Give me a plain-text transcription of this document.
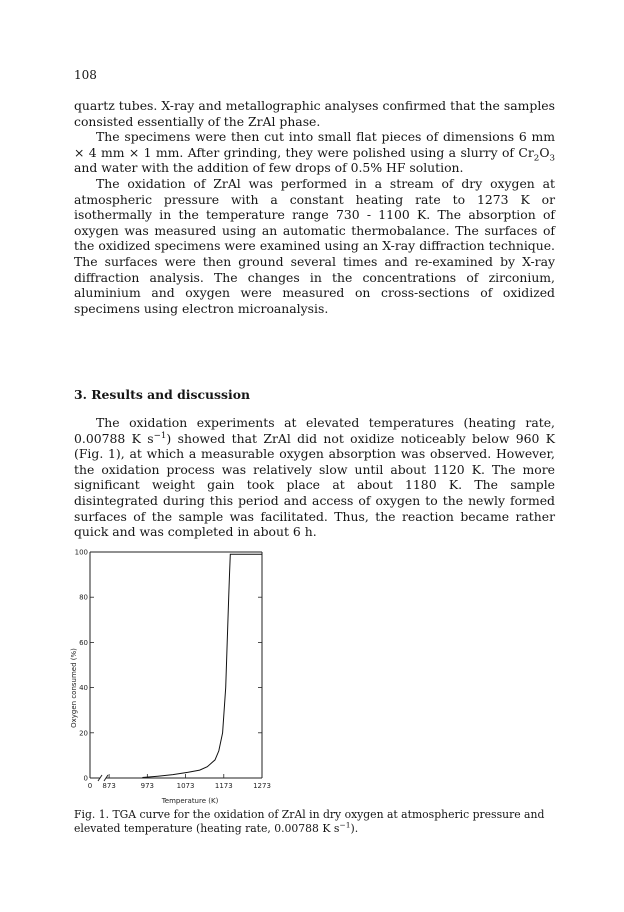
108

quartz tubes. X-ray and metallographic analyses confirmed that the samples consisted essentially of the ZrAl phase.

The specimens were then cut into small flat pieces of dimensions 6 mm × 4 mm × 1 mm. After grinding, they were polished using a slurry of $Cr_2O_3$ and water with the addition of few drops of 0.5% HF solution.

The oxidation of ZrAl was performed in a stream of dry oxygen at atmospheric pressure with a constant heating rate to 1273 K or isothermally in the temperature range 730 - 1100 K. The absorption of oxygen was measured using an automatic thermobalance. The surfaces of the oxidized specimens were examined using an X-ray diffraction technique. The surfaces were then ground several times and re-examined by X-ray diffraction analysis. The changes in the concentrations of zirconium, aluminium and oxygen were measured on cross-sections of oxidized specimens using electron microanalysis.

3. Results and discussion

The oxidation experiments at elevated temperatures (heating rate, 0.00788 K $s^{-1}$) showed that ZrAl did not oxidize noticeably below 960 K (Fig. 1), at which a measurable oxygen absorption was observed. However, the oxidation process was relatively slow until about 1120 K. The more significant weight gain took place at about 1180 K. The sample disintegrated during this period and access of oxygen to the newly formed surfaces of the sample was facilitated. Thus, the reaction became rather quick and was completed in about 6 h.

0
20
40
60
80
100
0 873	973	1073	1173	1273
Oxygen consumed (%)
Temperature (K)
Fig. 1. TGA curve for the oxidation of ZrAl in dry oxygen at atmospheric pressure and elevated temperature (heating rate, 0.00788 K $s^{-1}$).
